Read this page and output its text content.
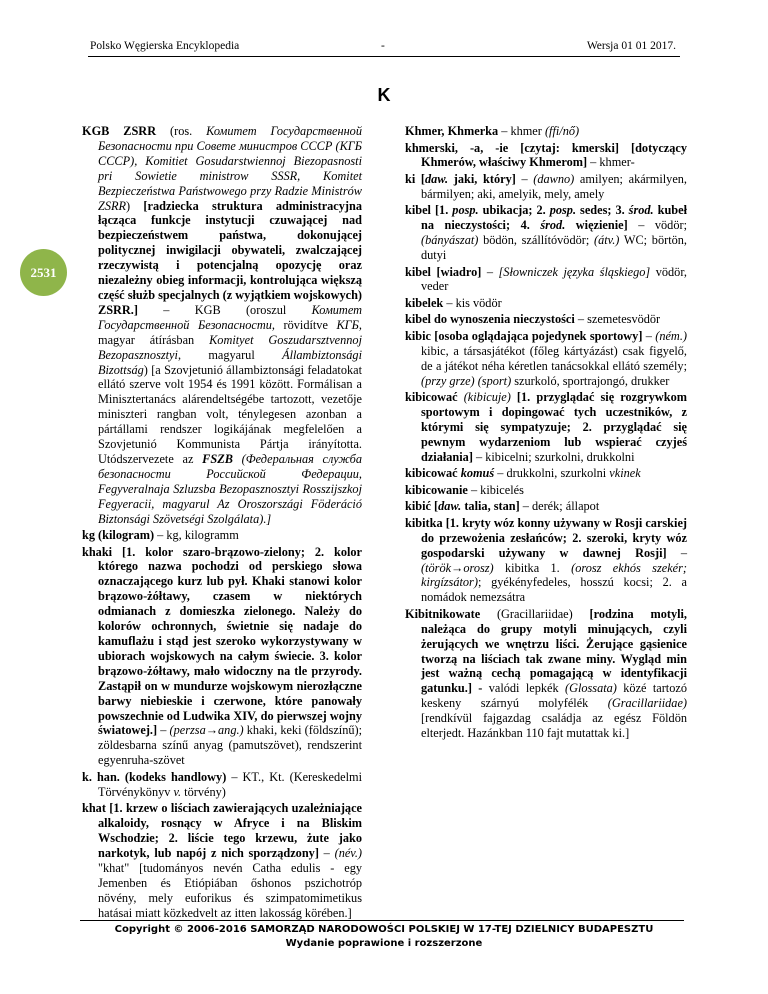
Polsko Węgierska Encyklopedia	-	Wersja 01 01 2017.
K
2531

KGB ZSRR (ros. Комитет Государственной Безопасности при Совете министров СССР (КГБ СССР), Komitiet Gosudarstwiennoj Biezopasnosti pri Sowietie ministrow SSSR, Komitet Bezpieczeństwa Państwowego przy Radzie Ministrów ZSRR) [radziecka struktura administracyjna łącząca funkcje instytucji czuwającej nad bezpieczeństwem państwa, dokonującej politycznej inwigilacji obywateli, zwalczającej rzeczywistą i potencjalną opozycję oraz niezależny obieg informacji, kontrolująca większą część służb specjalnych (z wyjątkiem wojskowych) ZSRR.] – KGB (oroszul Комитет Государственной Безопасности, rövidítve КГБ, magyar átírásban Komityet Goszudarsztvennoj Bezopasznosztyi, magyarul Állambiztonsági Bizottság) [a Szovjetunió állambiztonsági feladatokat ellátó szerve volt 1954 és 1991 között. Formálisan a Minisztertanács alárendeltségébe tartozott, vezetője miniszteri rangban volt, ténylegesen azonban a pártállami rendszer logikájának megfelelően a Szovjetunió Kommunista Pártja irányította. Utódszervezete az FSZB (Федеральная служба безопасности Российской Федерации, Fegyveralnaja Szluzsba Bezopasznosztyi Rosszijszkoj Fegyeracii, magyarul Az Oroszországi Föderáció Biztonsági Szövetségi Szolgálata).]

kg (kilogram) – kg, kilogramm

khaki [1. kolor szaro-brązowo-zielony; 2. kolor którego nazwa pochodzi od perskiego słowa oznaczającego kurz lub pył. Khaki stanowi kolor brązowo-żółtawy, czasem w niektórych odmianach z domieszka zielonego. Należy do kolorów ochronnych, świetnie się nadaje do kamuflażu i stąd jest szeroko wykorzystywany w ubiorach wojskowych na całym świecie. 3. kolor brązowo-żółtawy, mało widoczny na tle przyrody. Zastąpił on w mundurze wojskowym nierozłączne barwy niebieskie i czerwone, które panowały powszechnie od Ludwika XIV, do pierwszej wojny światowej.] – (perzsa→ang.) khaki, keki (földszínű); zöldesbarna színű anyag (pamutszövet), rendszerint egyenruha-szövet

k. han. (kodeks handlowy) – KT., Kt. (Kereskedelmi Törvénykönyv v. törvény)

khat [1. krzew o liściach zawierających uzależniające alkaloidy, rosnący w Afryce i na Bliskim Wschodzie; 2. liście tego krzewu, żute jako narkotyk, lub napój z nich sporządzony] – (név.) "khat" [tudományos nevén Catha edulis - egy Jemenben és Etiópiában őshonos pszichotróp növény, mely euforikus és szimpatomimetikus hatásai miatt közkedvelt az itten lakosság körében.]

Khmer, Khmerka – khmer (ffi/nő)

khmerski, -a, -ie [czytaj: kmerski] [dotyczący Khmerów, właściwy Khmerom] – khmer-

ki [daw. jaki, który] – (dawno) amilyen; akármilyen, bármilyen; aki, amelyik, mely, amely

kibel [1. posp. ubikacja; 2. posp. sedes; 3. środ. kubeł na nieczystości; 4. środ. więzienie] – vödör; (bányászat) bödön, szállítóvödör; (átv.) WC; börtön, dutyi

kibel [wiadro] – [Słowniczek języka śląskiego] vödör, veder

kibelek – kis vödör

kibel do wynoszenia nieczystości – szemetesvödör

kibic [osoba oglądająca pojedynek sportowy] – (ném.) kibic, a társasjátékot (főleg kártyázást) csak figyelő, de a játékot néha kéretlen tanácsokkal ellátó személy; (przy grze) (sport) szurkoló, sportrajongó, drukker

kibicować (kibicuje) [1. przyglądać się rozgrywkom sportowym i dopingować tych uczestników, z którymi się sympatyzuje; 2. przyglądać się pewnym wydarzeniom lub wspierać czyjeś działania] – kibicelni; szurkolni, drukkolni

kibicować komuś – drukkolni, szurkolni vkinek

kibicowanie – kibicelés

kibić [daw. talia, stan] – derék; állapot

kibitka [1. kryty wóz konny używany w Rosji carskiej do przewożenia zesłańców; 2. szeroki, kryty wóz gospodarski używany w dawnej Rosji] – (török→orosz) kibitka 1. (orosz ekhós szekér; kirgízsátor); gyékényfedeles, hosszú kocsi; 2. a nomádok nemezsátra

Kibitnikowate (Gracillariidae) [rodzina motyli, należąca do grupy motyli minujących, czyli żerujących we wnętrzu liści. Żerujące gąsienice tworzą na liściach tak zwane miny. Wygląd min jest ważną cechą pomagającą w identyfikacji gatunku.] - valódi lepkék (Glossata) közé tartozó keskeny szárnyú molyfélék (Gracillariidae) [rendkívül fajgazdag családja az egész Földön elterjedt. Hazánkban 110 fajt mutattak ki.]

Copyright © 2006-2016 SAMORZĄD NARODOWOŚCI POLSKIEJ W 17-TEJ DZIELNICY BUDAPESZTU
Wydanie poprawione i rozszerzone
